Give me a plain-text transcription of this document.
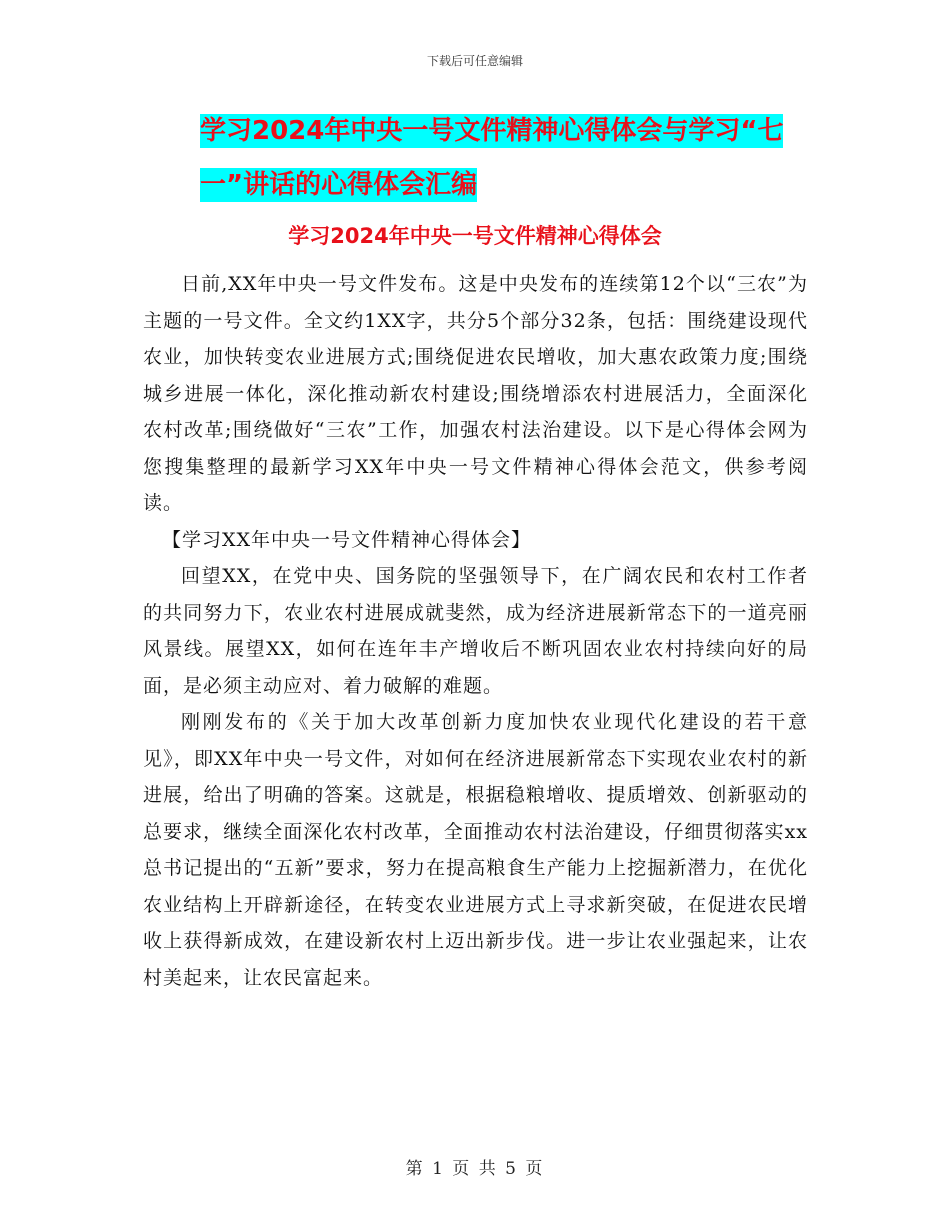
下载后可任意编辑
学习2024年中央一号文件精神心得体会与学习“七
一”讲话的心得体会汇编
学习2024年中央一号文件精神心得体会

日前,XX年中央一号文件发布。这是中央发布的连续第12个以“三农”为主题的一号文件。全文约1XX字，共分5个部分32条，包括：围绕建设现代农业，加快转变农业进展方式;围绕促进农民增收，加大惠农政策力度;围绕城乡进展一体化，深化推动新农村建设;围绕增添农村进展活力，全面深化农村改革;围绕做好“三农”工作，加强农村法治建设。以下是心得体会网为您搜集整理的最新学习XX年中央一号文件精神心得体会范文，供参考阅读。

【学习XX年中央一号文件精神心得体会】

回望XX，在党中央、国务院的坚强领导下，在广阔农民和农村工作者的共同努力下，农业农村进展成就斐然，成为经济进展新常态下的一道亮丽风景线。展望XX，如何在连年丰产增收后不断巩固农业农村持续向好的局面，是必须主动应对、着力破解的难题。

刚刚发布的《关于加大改革创新力度加快农业现代化建设的若干意见》，即XX年中央一号文件，对如何在经济进展新常态下实现农业农村的新进展，给出了明确的答案。这就是，根据稳粮增收、提质增效、创新驱动的总要求，继续全面深化农村改革，全面推动农村法治建设，仔细贯彻落实xx总书记提出的“五新”要求，努力在提高粮食生产能力上挖掘新潜力，在优化农业结构上开辟新途径，在转变农业进展方式上寻求新突破，在促进农民增收上获得新成效，在建设新农村上迈出新步伐。进一步让农业强起来，让农村美起来，让农民富起来。

第 1 页 共 5 页
